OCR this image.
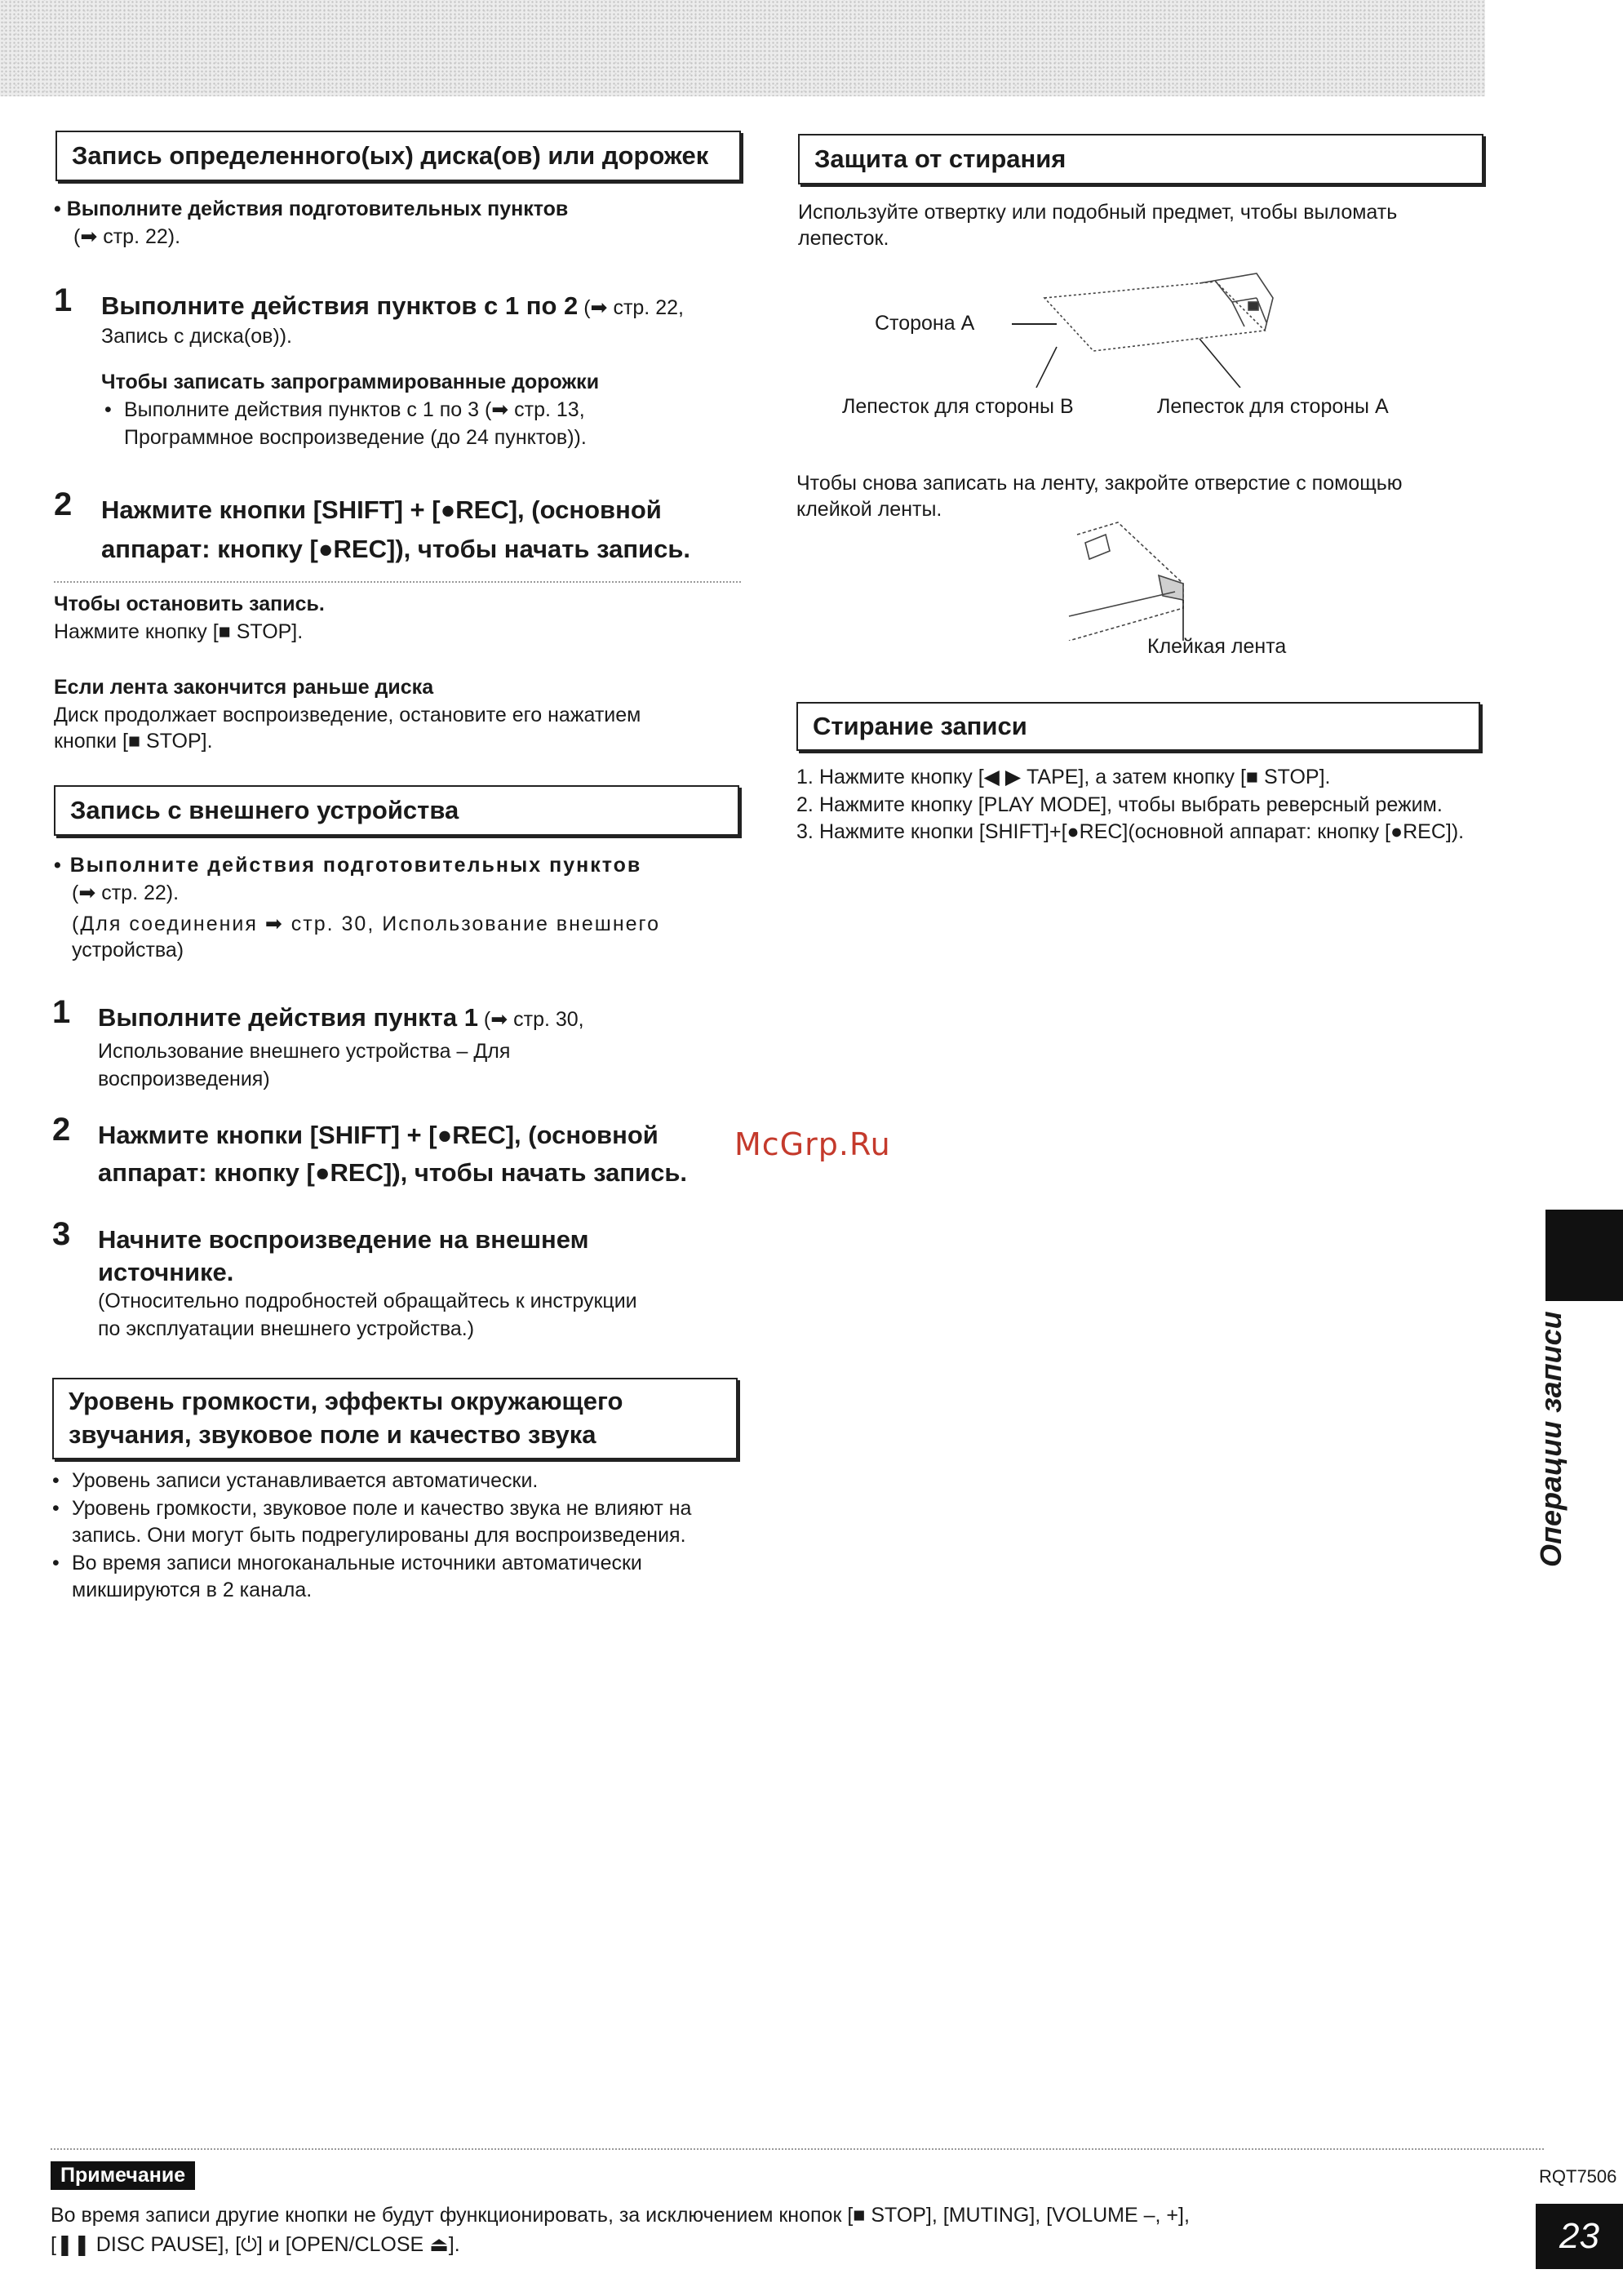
Запись определенного(ых) диска(ов) или дорожек
• Выполните действия подготовительных пунктов
(➡ стр. 22).
1 Выполните действия пунктов с 1 по 2 (➡ стр. 22,
Запись с диска(ов)).
Чтобы записать запрограммированные дорожки
• Выполните действия пунктов с 1 по 3 (➡ стр. 13,
Программное воспроизведение (до 24 пунктов)).
2 Нажмите кнопки [SHIFT] + [●REC], (основной
аппарат: кнопку [●REC]), чтобы начать запись.
Чтобы остановить запись.
Нажмите кнопку [■ STOP].
Если лента закончится раньше диска
Диск продолжает воспроизведение, остановите его нажатием
кнопки [■ STOP].
Запись с внешнего устройства
• Выполните действия подготовительных пунктов
(➡ стр. 22).
(Для соединения ➡ стр. 30, Использование внешнего
устройства)
1 Выполните действия пункта 1 (➡ стр. 30,
Использование внешнего устройства – Для
воспроизведения)
2 Нажмите кнопки [SHIFT] + [●REC], (основной
аппарат: кнопку [●REC]), чтобы начать запись.
3 Начните воспроизведение на внешнем
источнике.
(Относительно подробностей обращайтесь к инструкции
по эксплуатации внешнего устройства.)
Уровень громкости, эффекты окружающего
звучания, звуковое поле и качество звука
• Уровень записи устанавливается автоматически.
• Уровень громкости, звуковое поле и качество звука не влияют на запись. Они могут быть подрегулированы для воспроизведения.
• Во время записи многоканальные источники автоматически микшируются в 2 канала.
Защита от стирания
Используйте отвертку или подобный предмет, чтобы выломать
лепесток.
Сторона A
Лепесток для стороны B	Лепесток для стороны A
Чтобы снова записать на ленту, закройте отверстие с помощью
клейкой ленты.
Клейкая лента
Стирание записи
1. Нажмите кнопку [◀ ▶ TAPE], а затем кнопку [■ STOP].
2. Нажмите кнопку [PLAY MODE], чтобы выбрать реверсный режим.
3. Нажмите кнопки [SHIFT]+[●REC](основной аппарат: кнопку [●REC]).
McGrp.Ru
Операции записи
Примечание
Во время записи другие кнопки не будут функционировать, за исключением кнопок [■ STOP], [MUTING], [VOLUME –, +],
[❚❚ DISC PAUSE], [⏻] и [OPEN/CLOSE ⏏].
RQT7506
23
